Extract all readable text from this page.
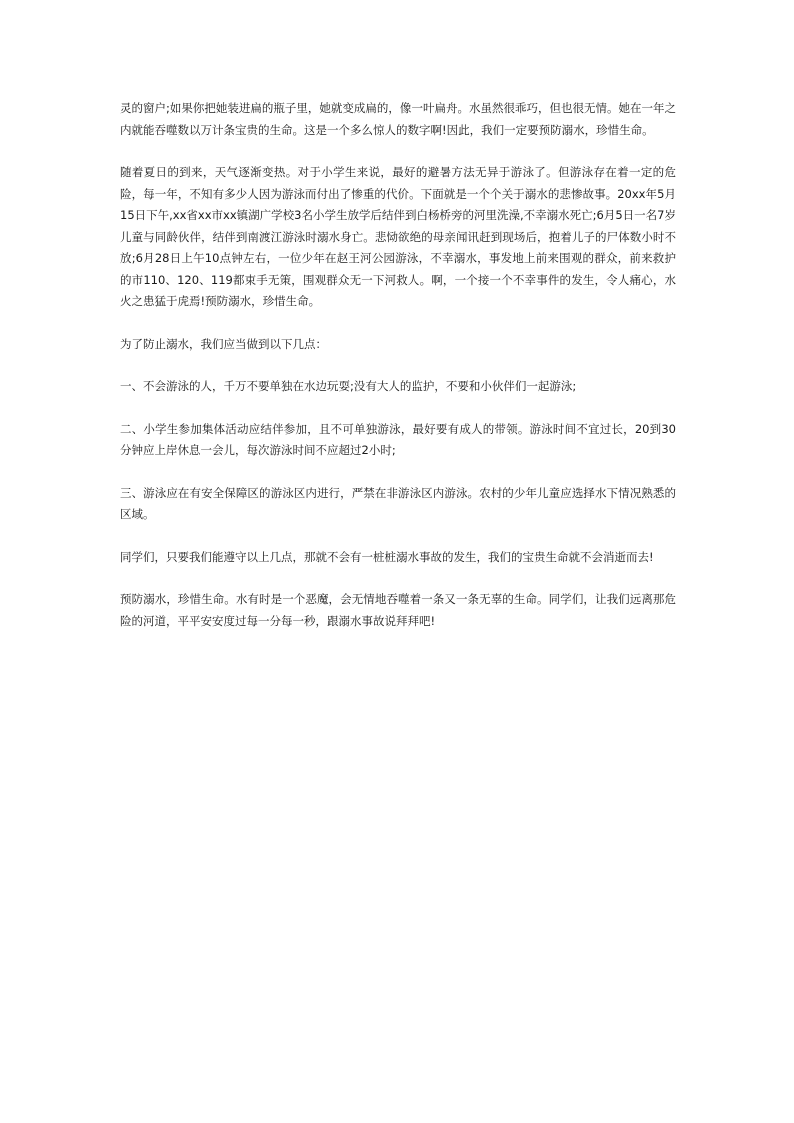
灵的窗户;如果你把她装进扁的瓶子里，她就变成扁的，像一叶扁舟。水虽然很乖巧，但也很无情。她在一年之内就能吞噬数以万计条宝贵的生命。这是一个多么惊人的数字啊!因此，我们一定要预防溺水，珍惜生命。

随着夏日的到来，天气逐渐变热。对于小学生来说，最好的避暑方法无异于游泳了。但游泳存在着一定的危险，每一年，不知有多少人因为游泳而付出了惨重的代价。下面就是一个个关于溺水的悲惨故事。20xx年5月15日下午,xx省xx市xx镇湖广学校3名小学生放学后结伴到白杨桥旁的河里洗澡,不幸溺水死亡;6月5日一名7岁儿童与同龄伙伴，结伴到南渡江游泳时溺水身亡。悲恸欲绝的母亲闻讯赶到现场后，抱着儿子的尸体数小时不放;6月28日上午10点钟左右，一位少年在赵王河公园游泳，不幸溺水，事发地上前来围观的群众，前来救护的市110、120、119都束手无策，围观群众无一下河救人。啊，一个接一个不幸事件的发生，令人痛心，水火之患猛于虎焉!预防溺水，珍惜生命。

为了防止溺水，我们应当做到以下几点：

一、不会游泳的人，千万不要单独在水边玩耍;没有大人的监护，不要和小伙伴们一起游泳;

二、小学生参加集体活动应结伴参加，且不可单独游泳，最好要有成人的带领。游泳时间不宜过长，20到30分钟应上岸休息一会儿，每次游泳时间不应超过2小时;

三、游泳应在有安全保障区的游泳区内进行，严禁在非游泳区内游泳。农村的少年儿童应选择水下情况熟悉的区域。

同学们，只要我们能遵守以上几点，那就不会有一桩桩溺水事故的发生，我们的宝贵生命就不会消逝而去!

预防溺水，珍惜生命。水有时是一个恶魔，会无情地吞噬着一条又一条无辜的生命。同学们，让我们远离那危险的河道，平平安安度过每一分每一秒，跟溺水事故说拜拜吧!
